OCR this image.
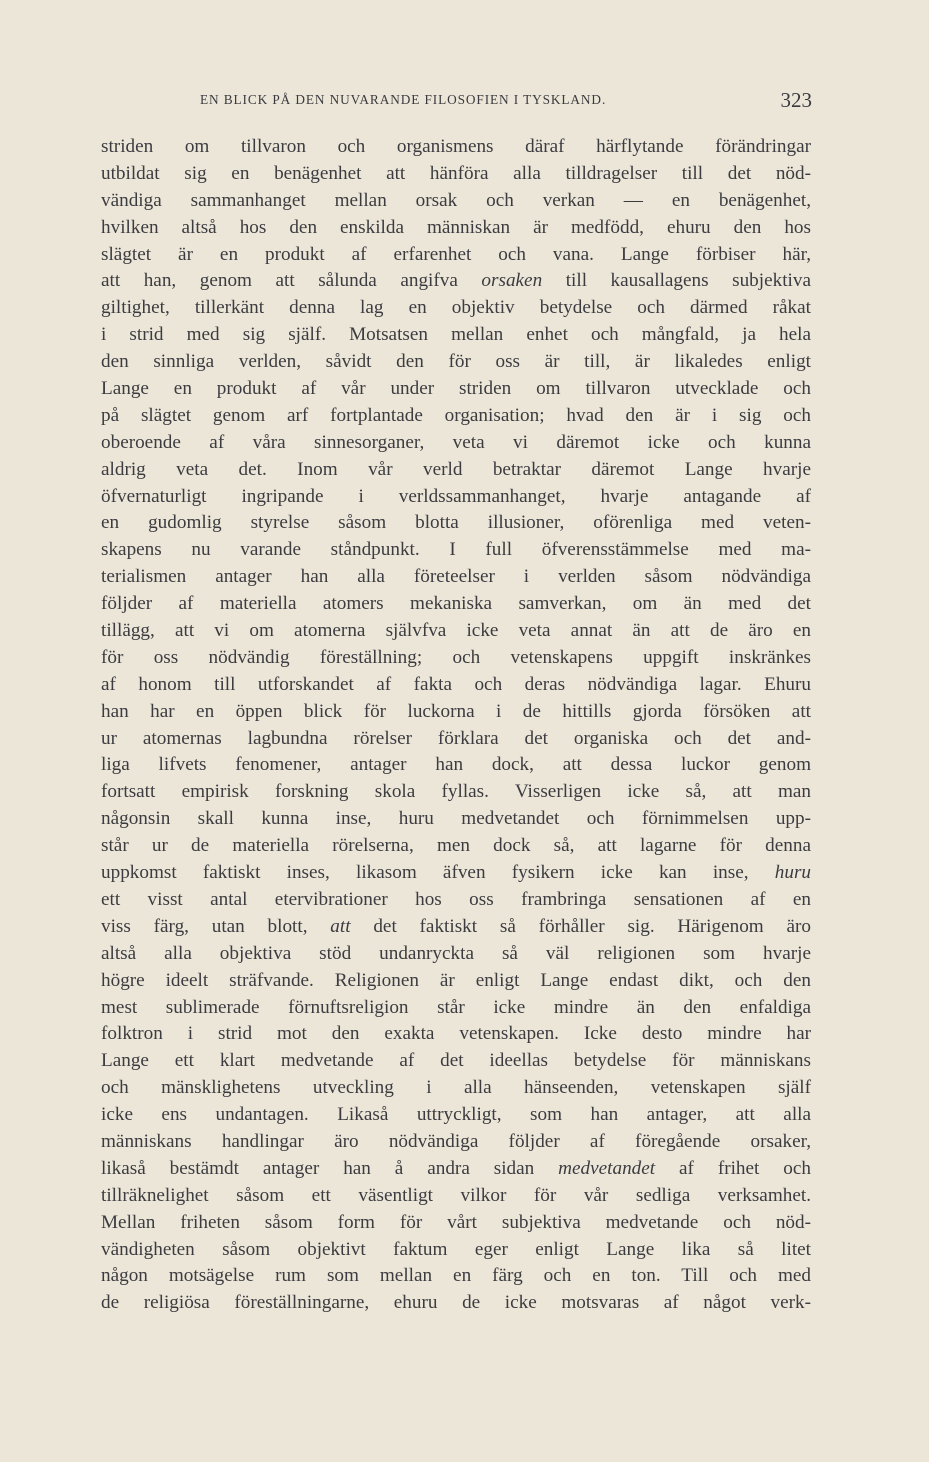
EN BLICK PÅ DEN NUVARANDE FILOSOFIEN I TYSKLAND.	323
striden om tillvaron och organismens däraf härflytande förändringar
utbildat sig en benägenhet att hänföra alla tilldragelser till det nöd-
vändiga sammanhanget mellan orsak och verkan — en benägenhet,
hvilken altså hos den enskilda människan är medfödd, ehuru den hos
slägtet är en produkt af erfarenhet och vana. Lange förbiser här,
att han, genom att sålunda angifva orsaken till kausallagens subjektiva
giltighet, tillerkänt denna lag en objektiv betydelse och därmed råkat
i strid med sig själf. Motsatsen mellan enhet och mångfald, ja hela
den sinnliga verlden, såvidt den för oss är till, är likaledes enligt
Lange en produkt af vår under striden om tillvaron utvecklade och
på slägtet genom arf fortplantade organisation; hvad den är i sig och
oberoende af våra sinnesorganer, veta vi däremot icke och kunna
aldrig veta det. Inom vår verld betraktar däremot Lange hvarje
öfvernaturligt ingripande i verldssammanhanget, hvarje antagande af
en gudomlig styrelse såsom blotta illusioner, oförenliga med veten-
skapens nu varande ståndpunkt. I full öfverensstämmelse med ma-
terialismen antager han alla företeelser i verlden såsom nödvändiga
följder af materiella atomers mekaniska samverkan, om än med det
tillägg, att vi om atomerna självfva icke veta annat än att de äro en
för oss nödvändig föreställning; och vetenskapens uppgift inskränkes
af honom till utforskandet af fakta och deras nödvändiga lagar. Ehuru
han har en öppen blick för luckorna i de hittills gjorda försöken att
ur atomernas lagbundna rörelser förklara det organiska och det and-
liga lifvets fenomener, antager han dock, att dessa luckor genom
fortsatt empirisk forskning skola fyllas. Visserligen icke så, att man
någonsin skall kunna inse, huru medvetandet och förnimmelsen upp-
står ur de materiella rörelserna, men dock så, att lagarne för denna
uppkomst faktiskt inses, likasom äfven fysikern icke kan inse, huru
ett visst antal etervibrationer hos oss frambringa sensationen af en
viss färg, utan blott, att det faktiskt så förhåller sig. Härigenom äro
altså alla objektiva stöd undanryckta så väl religionen som hvarje
högre ideelt sträfvande. Religionen är enligt Lange endast dikt, och den
mest sublimerade förnuftsreligion står icke mindre än den enfaldiga
folktron i strid mot den exakta vetenskapen. Icke desto mindre har
Lange ett klart medvetande af det ideellas betydelse för människans
och mänsklighetens utveckling i alla hänseenden, vetenskapen själf
icke ens undantagen. Likaså uttryckligt, som han antager, att alla
människans handlingar äro nödvändiga följder af föregående orsaker,
likaså bestämdt antager han å andra sidan medvetandet af frihet och
tillräknelighet såsom ett väsentligt vilkor för vår sedliga verksamhet.
Mellan friheten såsom form för vårt subjektiva medvetande och nöd-
vändigheten såsom objektivt faktum eger enligt Lange lika så litet
någon motsägelse rum som mellan en färg och en ton. Till och med
de religiösa föreställningarne, ehuru de icke motsvaras af något verk-
